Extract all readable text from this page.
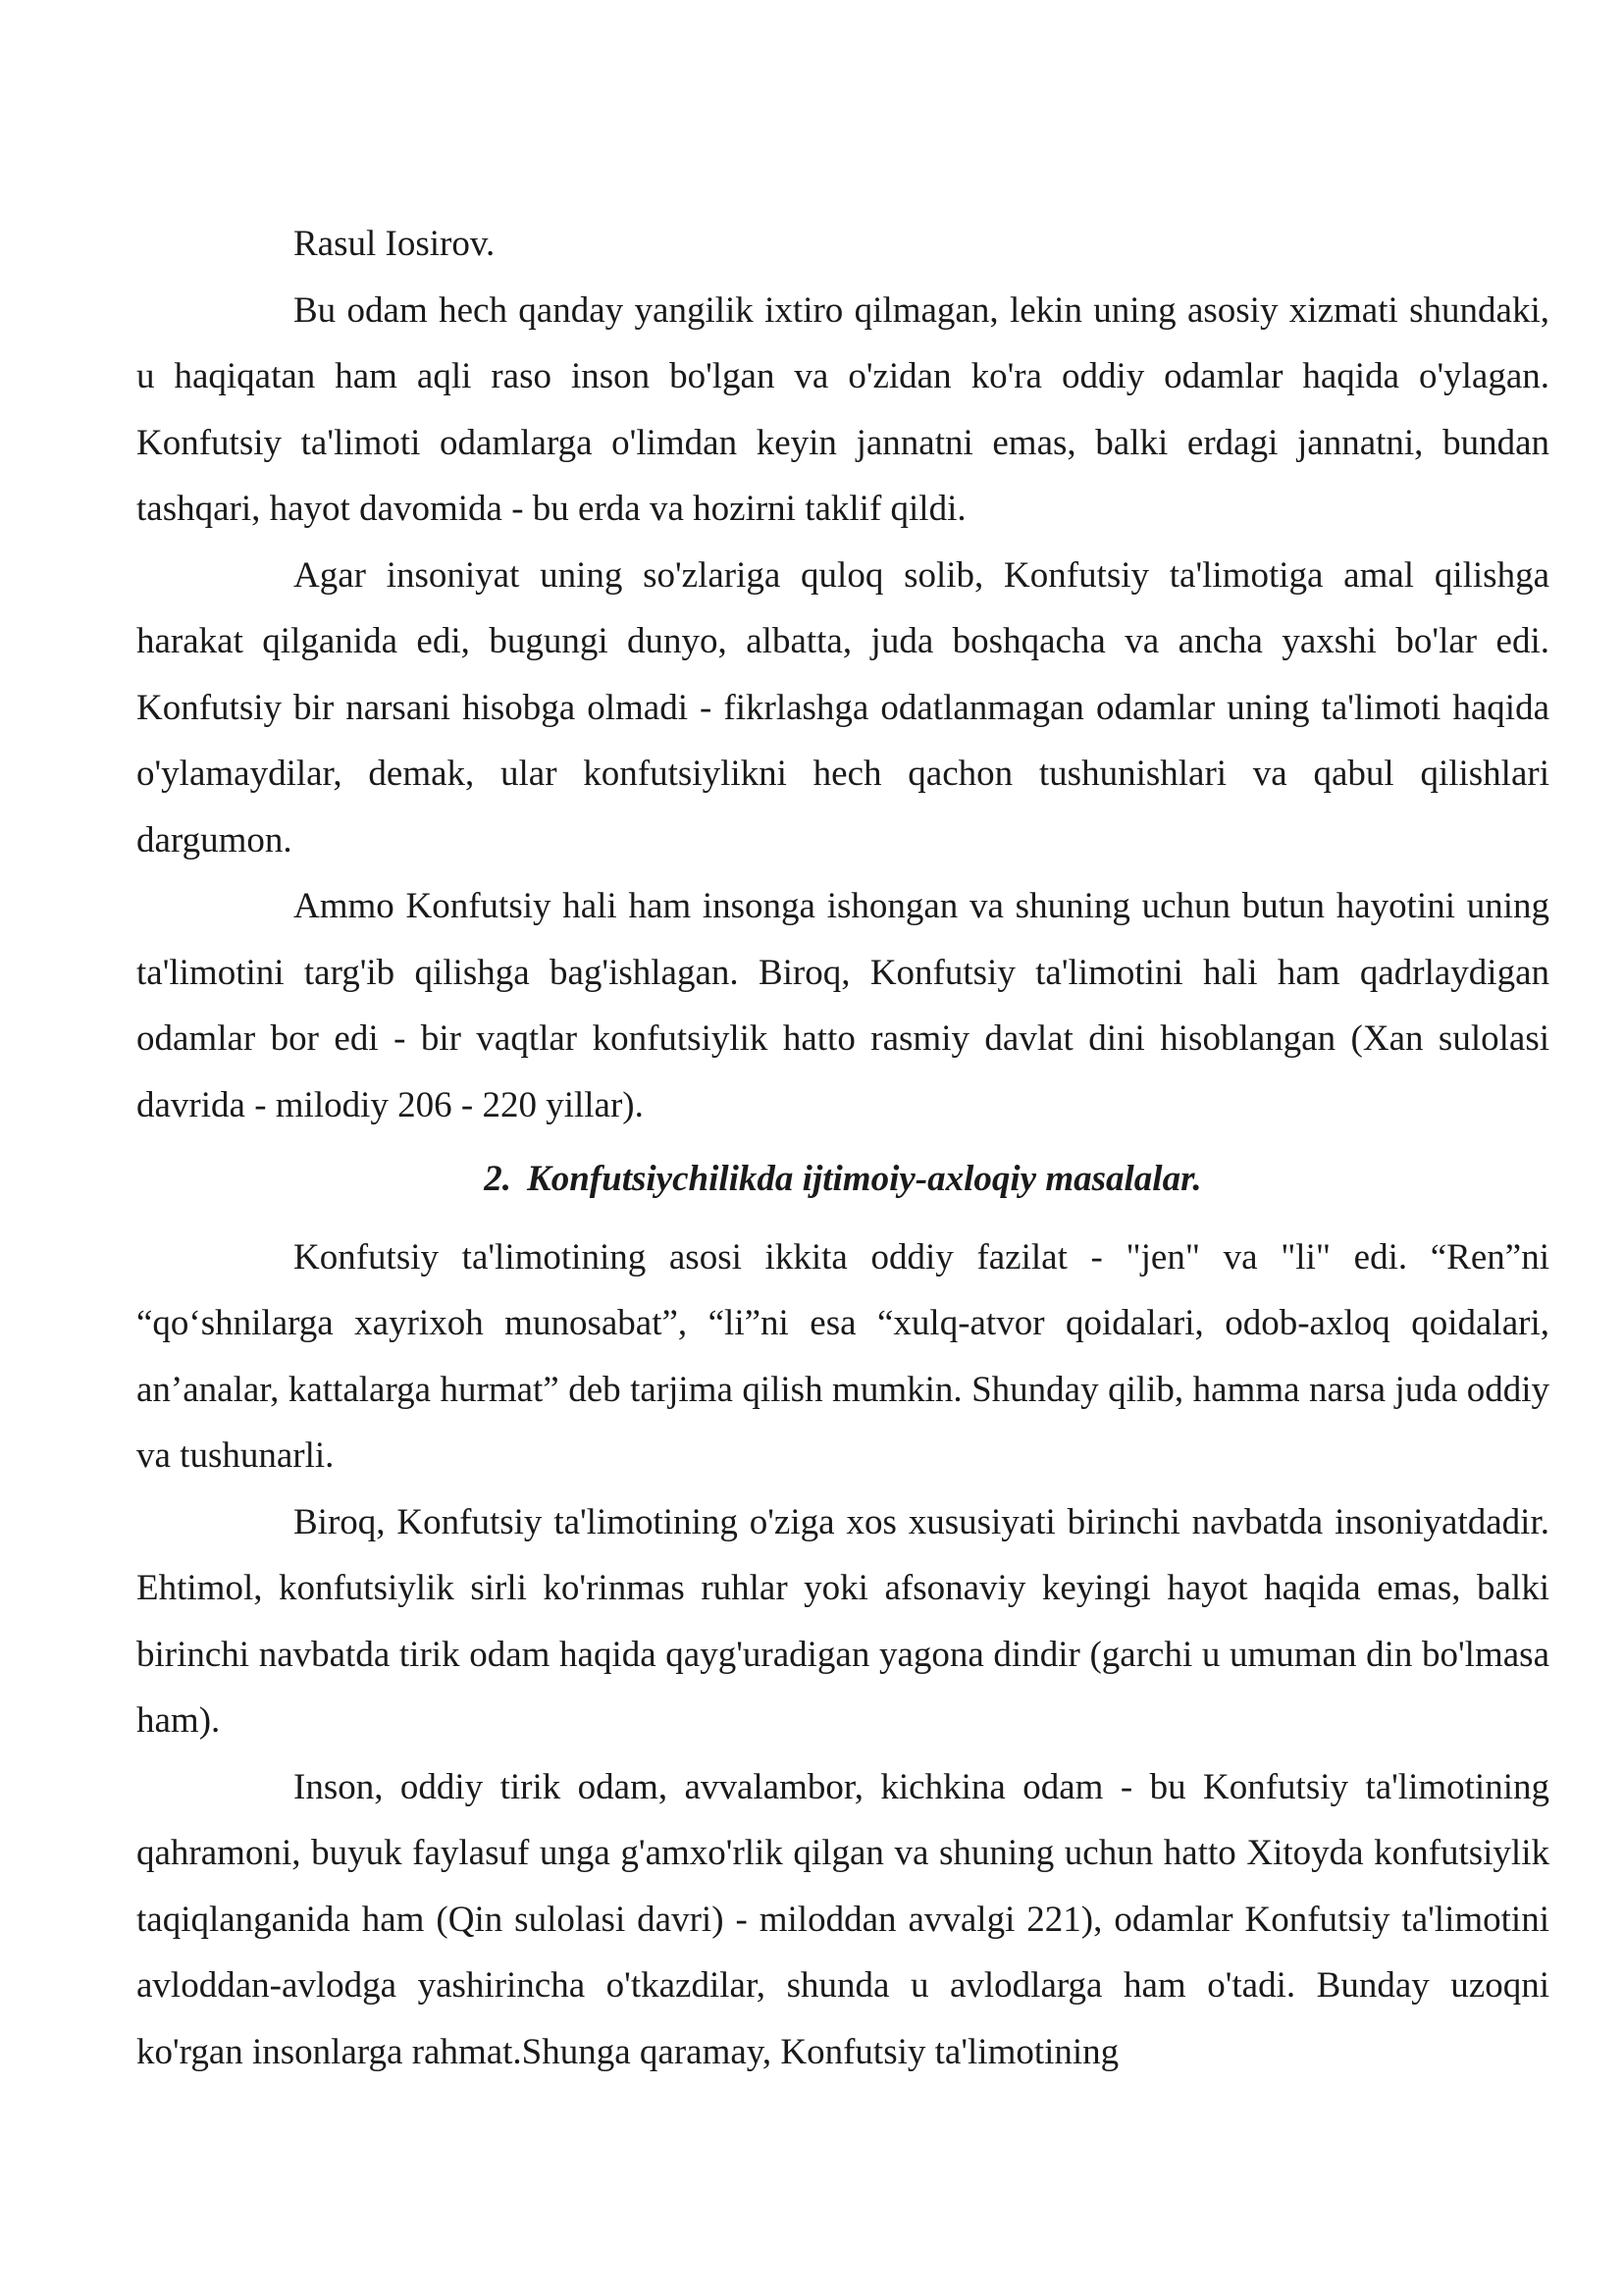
Rasul Iosirov.

Bu odam hech qanday yangilik ixtiro qilmagan, lekin uning asosiy xizmati shundaki, u haqiqatan ham aqli raso inson bo'lgan va o'zidan ko'ra oddiy odamlar haqida o'ylagan. Konfutsiy ta'limoti odamlarga o'limdan keyin jannatni emas, balki erdagi jannatni, bundan tashqari, hayot davomida - bu erda va hozirni taklif qildi.

Agar insoniyat uning so'zlariga quloq solib, Konfutsiy ta'limotiga amal qilishga harakat qilganida edi, bugungi dunyo, albatta, juda boshqacha va ancha yaxshi bo'lar edi. Konfutsiy bir narsani hisobga olmadi - fikrlashga odatlanmagan odamlar uning ta'limoti haqida o'ylamaydilar, demak, ular konfutsiylikni hech qachon tushunishlari va qabul qilishlari dargumon.

Ammo Konfutsiy hali ham insonga ishongan va shuning uchun butun hayotini uning ta'limotini targ'ib qilishga bag'ishlagan. Biroq, Konfutsiy ta'limotini hali ham qadrlaydigan odamlar bor edi - bir vaqtlar konfutsiylik hatto rasmiy davlat dini hisoblangan (Xan sulolasi davrida - milodiy 206 - 220 yillar).

2. Konfutsiychilikda ijtimoiy-axloqiy masalalar.

Konfutsiy ta'limotining asosi ikkita oddiy fazilat - "jen" va "li" edi. “Ren”ni “qo‘shnilarga xayrixoh munosabat”, “li”ni esa “xulq-atvor qoidalari, odob-axloq qoidalari, an’analar, kattalarga hurmat” deb tarjima qilish mumkin. Shunday qilib, hamma narsa juda oddiy va tushunarli.

Biroq, Konfutsiy ta'limotining o'ziga xos xususiyati birinchi navbatda insoniyatdadir. Ehtimol, konfutsiylik sirli ko'rinmas ruhlar yoki afsonaviy keyingi hayot haqida emas, balki birinchi navbatda tirik odam haqida qayg'uradigan yagona dindir (garchi u umuman din bo'lmasa ham).

Inson, oddiy tirik odam, avvalambor, kichkina odam - bu Konfutsiy ta'limotining qahramoni, buyuk faylasuf unga g'amxo'rlik qilgan va shuning uchun hatto Xitoyda konfutsiylik taqiqlanganida ham (Qin sulolasi davri) - miloddan avvalgi 221), odamlar Konfutsiy ta'limotini avloddan-avlodga yashirincha o'tkazdilar, shunda u avlodlarga ham o'tadi. Bunday uzoqni ko'rgan insonlarga rahmat.Shunga qaramay, Konfutsiy ta'limotining
